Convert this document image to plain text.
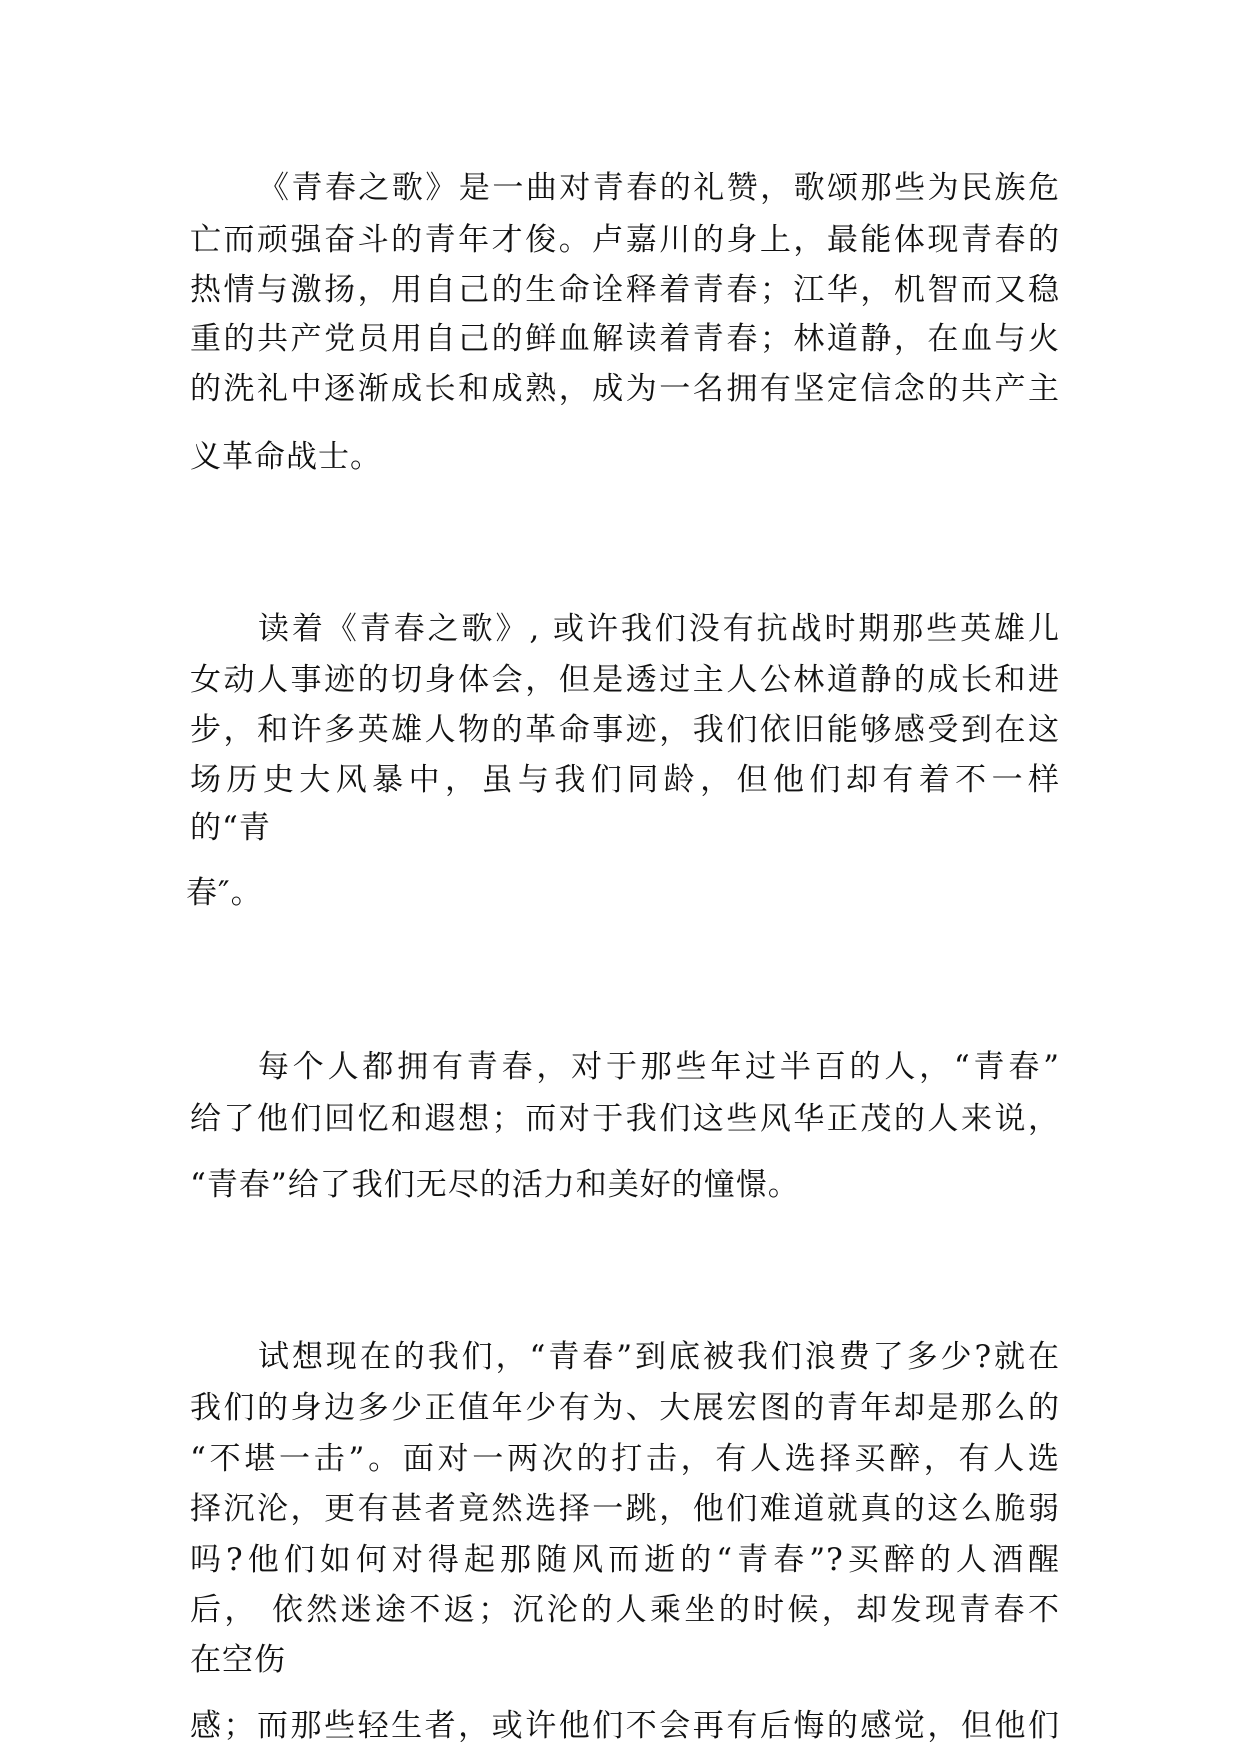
《青春之歌》是一曲对青春的礼赞，歌颂那些为民族危
亡而顽强奋斗的青年才俊。卢嘉川的身上，最能体现青春的
热情与激扬，用自己的生命诠释着青春；江华，机智而又稳
重的共产党员用自己的鲜血解读着青春；林道静，在血与火
的洗礼中逐渐成长和成熟，成为一名拥有坚定信念的共产主
义革命战士。
读着《青春之歌》, 或许我们没有抗战时期那些英雄儿
女动人事迹的切身体会，但是透过主人公林道静的成长和进
步，和许多英雄人物的革命事迹，我们依旧能够感受到在这
场历史大风暴中，虽与我们同龄，但他们却有着不一样
的“青
春″。
每个人都拥有青春，对于那些年过半百的人，“青春”
给了他们回忆和遐想；而对于我们这些风华正茂的人来说，
“青春”给了我们无尽的活力和美好的憧憬。
试想现在的我们，“青春”到底被我们浪费了多少?就在
我们的身边多少正值年少有为、大展宏图的青年却是那么的
“不堪一击”。面对一两次的打击，有人选择买醉，有人选
择沉沦，更有甚者竟然选择一跳，他们难道就真的这么脆弱
吗?他们如何对得起那随风而逝的“青春”?买醉的人酒醒
后， 依然迷途不返；沉沦的人乘坐的时候，却发现青春不
在空伤
感；而那些轻生者，或许他们不会再有后悔的感觉，但他们
